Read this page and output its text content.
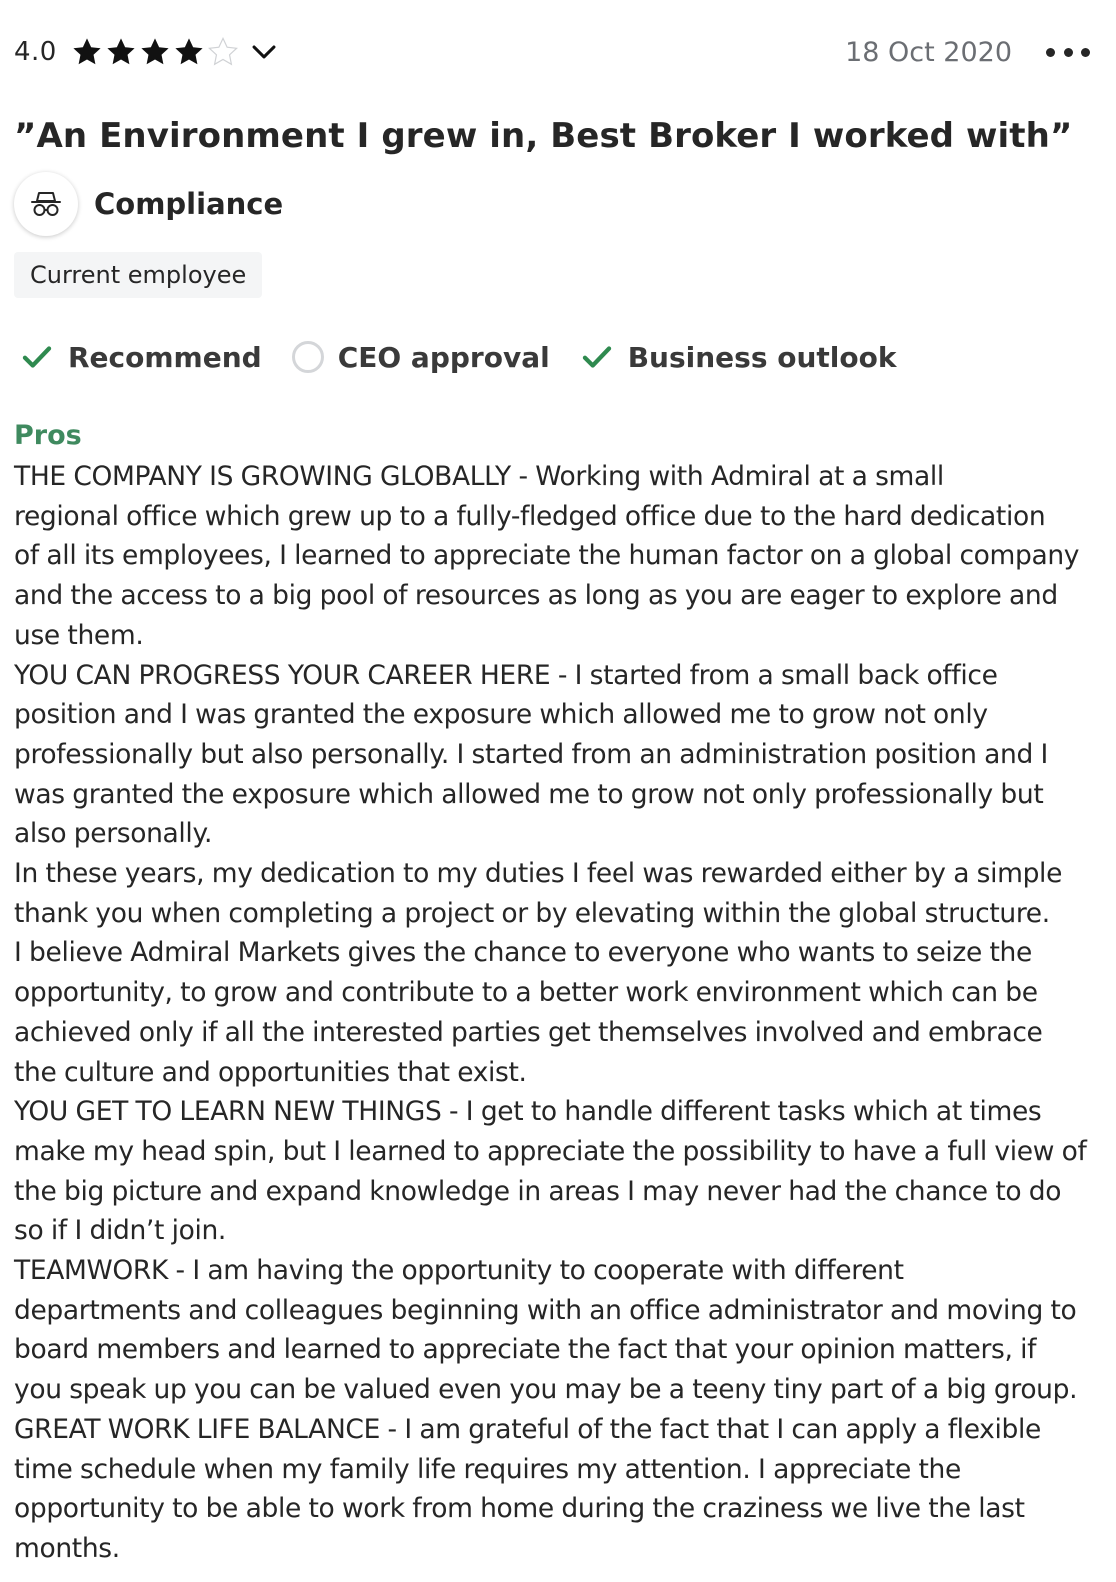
4.0	18 Oct 2020
”An Environment I grew in, Best Broker I worked with”
Compliance
Current employee
Recommend	CEO approval	Business outlook
Pros
THE COMPANY IS GROWING GLOBALLY - Working with Admiral at a small
regional office which grew up to a fully-fledged office due to the hard dedication
of all its employees, I learned to appreciate the human factor on a global company
and the access to a big pool of resources as long as you are eager to explore and
use them.
YOU CAN PROGRESS YOUR CAREER HERE - I started from a small back office
position and I was granted the exposure which allowed me to grow not only
professionally but also personally. I started from an administration position and I
was granted the exposure which allowed me to grow not only professionally but
also personally.
In these years, my dedication to my duties I feel was rewarded either by a simple
thank you when completing a project or by elevating within the global structure.
I believe Admiral Markets gives the chance to everyone who wants to seize the
opportunity, to grow and contribute to a better work environment which can be
achieved only if all the interested parties get themselves involved and embrace
the culture and opportunities that exist.
YOU GET TO LEARN NEW THINGS - I get to handle different tasks which at times
make my head spin, but I learned to appreciate the possibility to have a full view of
the big picture and expand knowledge in areas I may never had the chance to do
so if I didn’t join.
TEAMWORK - I am having the opportunity to cooperate with different
departments and colleagues beginning with an office administrator and moving to
board members and learned to appreciate the fact that your opinion matters, if
you speak up you can be valued even you may be a teeny tiny part of a big group.
GREAT WORK LIFE BALANCE - I am grateful of the fact that I can apply a flexible
time schedule when my family life requires my attention. I appreciate the
opportunity to be able to work from home during the craziness we live the last
months.
